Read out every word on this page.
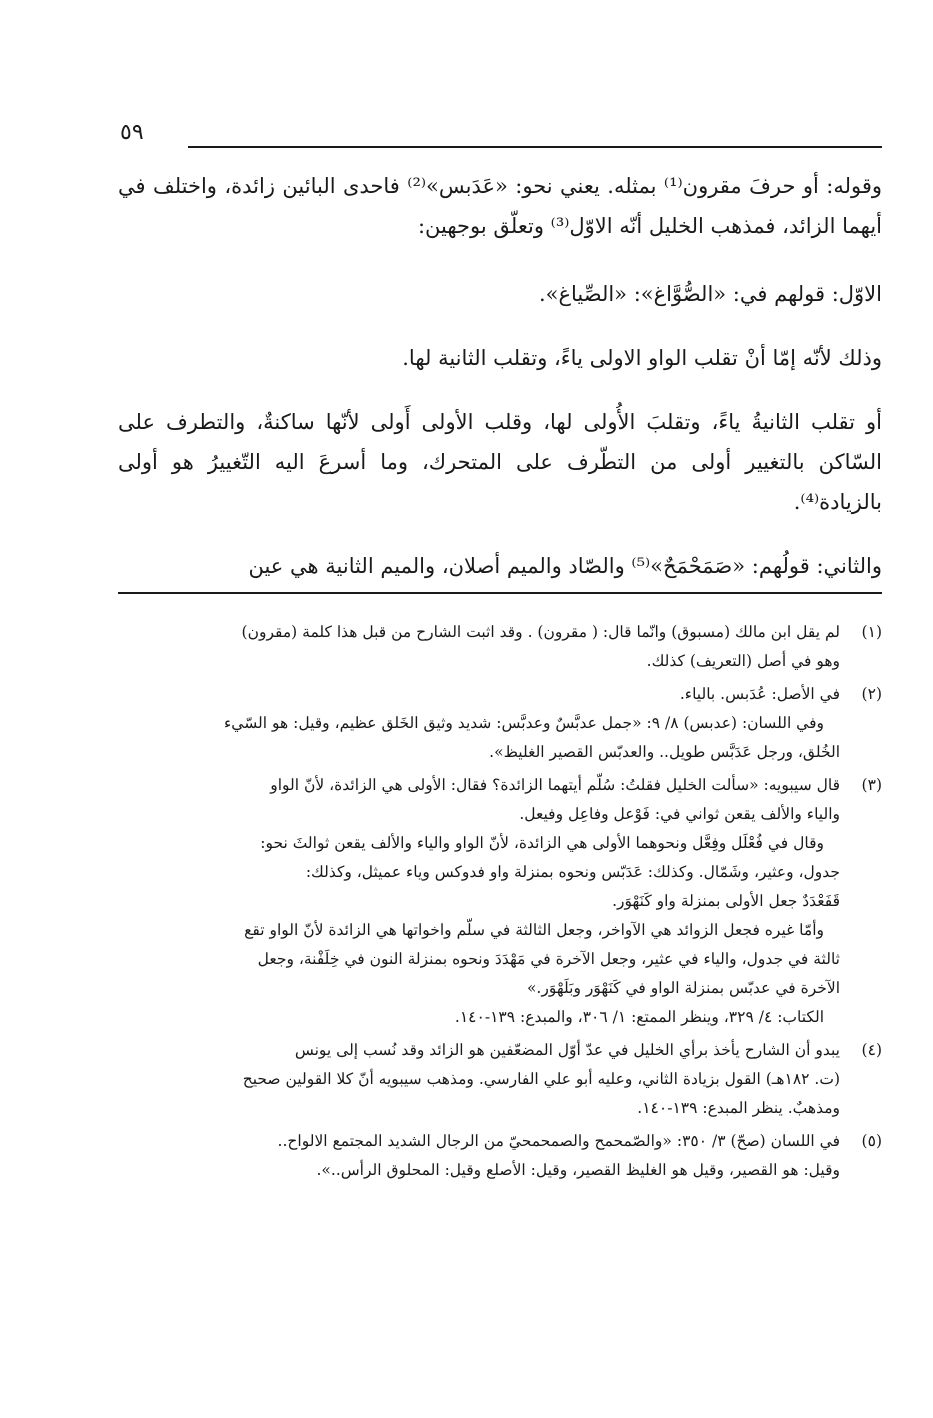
٥٩

وقوله: أو حرفَ مقرون⁽¹⁾ بمثله. يعني نحو: «عَدَبس»⁽²⁾ فاحدى البائين زائدة، واختلف في أيهما الزائد، فمذهب الخليل أنّه الاوّل⁽³⁾ وتعلّق بوجهين:

الاوّل: قولهم في: «الصُّوَّاغ»: «الصِّياغ».

وذلك لأنّه إمّا أنْ تقلب الواو الاولى ياءً، وتقلب الثانية لها.

أو تقلب الثانيةُ ياءً، وتقلبَ الأُولى لها، وقلب الأولى أَولى لأنّها ساكنةٌ، والتطرف على السّاكن بالتغيير أولى من التطّرف على المتحرك، وما أسرعَ اليه التّغييرُ هو أولى بالزيادة⁽⁴⁾.

والثاني: قولُهم: «صَمَحْمَحٌ»⁽⁵⁾ والصّاد والميم أصلان، والميم الثانية هي عين

(١)

لم يقل ابن مالك (مسبوق) وانّما قال: ( مقرون) . وقد اثبت الشارح من قبل هذا كلمة (مقرون)

وهو في أصل (التعريف) كذلك.

(٢)

في الأصل: عُدَبس. بالياء.

وفي اللسان: (عدبس) ٨/ ٩: «جمل عدبَّسٌ وعدبَّس: شديد وثيق الخَلق عظيم، وقيل: هو السّيء

الخُلق، ورجل عَدَبَّس طويل.. والعدبّس القصير الغليظ».

(٣)

قال سيبويه: «سألت الخليل فقلتُ: سُلّم أيتهما الزائدة؟ فقال: الأولى هي الزائدة، لأنّ الواو

والياء والألف يقعن ثواني في: فَوْعل وفاعِل وفيعل.

وقال في فُعْلَل وفِعَّل ونحوهما الأولى هي الزائدة، لأنّ الواو والياء والألف يقعن ثوالثَ نحو:

جدول، وعثير، وشَمّال. وكذلك: عَدَبّس ونحوه بمنزلة واو فدوكس وياء عميثل، وكذلك:

قَفَعْدَدٌ جعل الأولى بمنزلة واو كَنَهْوَر.

وأمّا غيره فجعل الزوائد هي الآواخر، وجعل الثالثة في سلّم واخواتها هي الزائدة لأنّ الواو تقع

ثالثة في جدول، والياء في عثير، وجعل الآخرة في مَهْدَدَ ونحوه بمنزلة النون في خِلَفْنة، وجعل

الآخرة في عدبّس بمنزلة الواو في كَنَهْوَر وبَلَهْوَر.»

الكتاب: ٤/ ٣٢٩، وينظر الممتع: ١/ ٣٠٦، والمبدع: ١٣٩-١٤٠.

(٤)

يبدو أن الشارح يأخذ برأي الخليل في عدّ أوّل المضعّفين هو الزائد وقد نُسب إلى يونس

(ت. ١٨٢هـ) القول بزيادة الثاني، وعليه أبو علي الفارسي. ومذهب سيبويه أنّ كلا القولين صحيح

ومذهبٌ. ينظر المبدع: ١٣٩-١٤٠.

(٥)

في اللسان (صحّ) ٣/ ٣٥٠: «والصّمحمح والصمحمحيّ من الرجال الشديد المجتمع الالواح..

وقيل: هو القصير، وقيل هو الغليظ القصير، وقيل: الأصلع وقيل: المحلوق الرأس..».
